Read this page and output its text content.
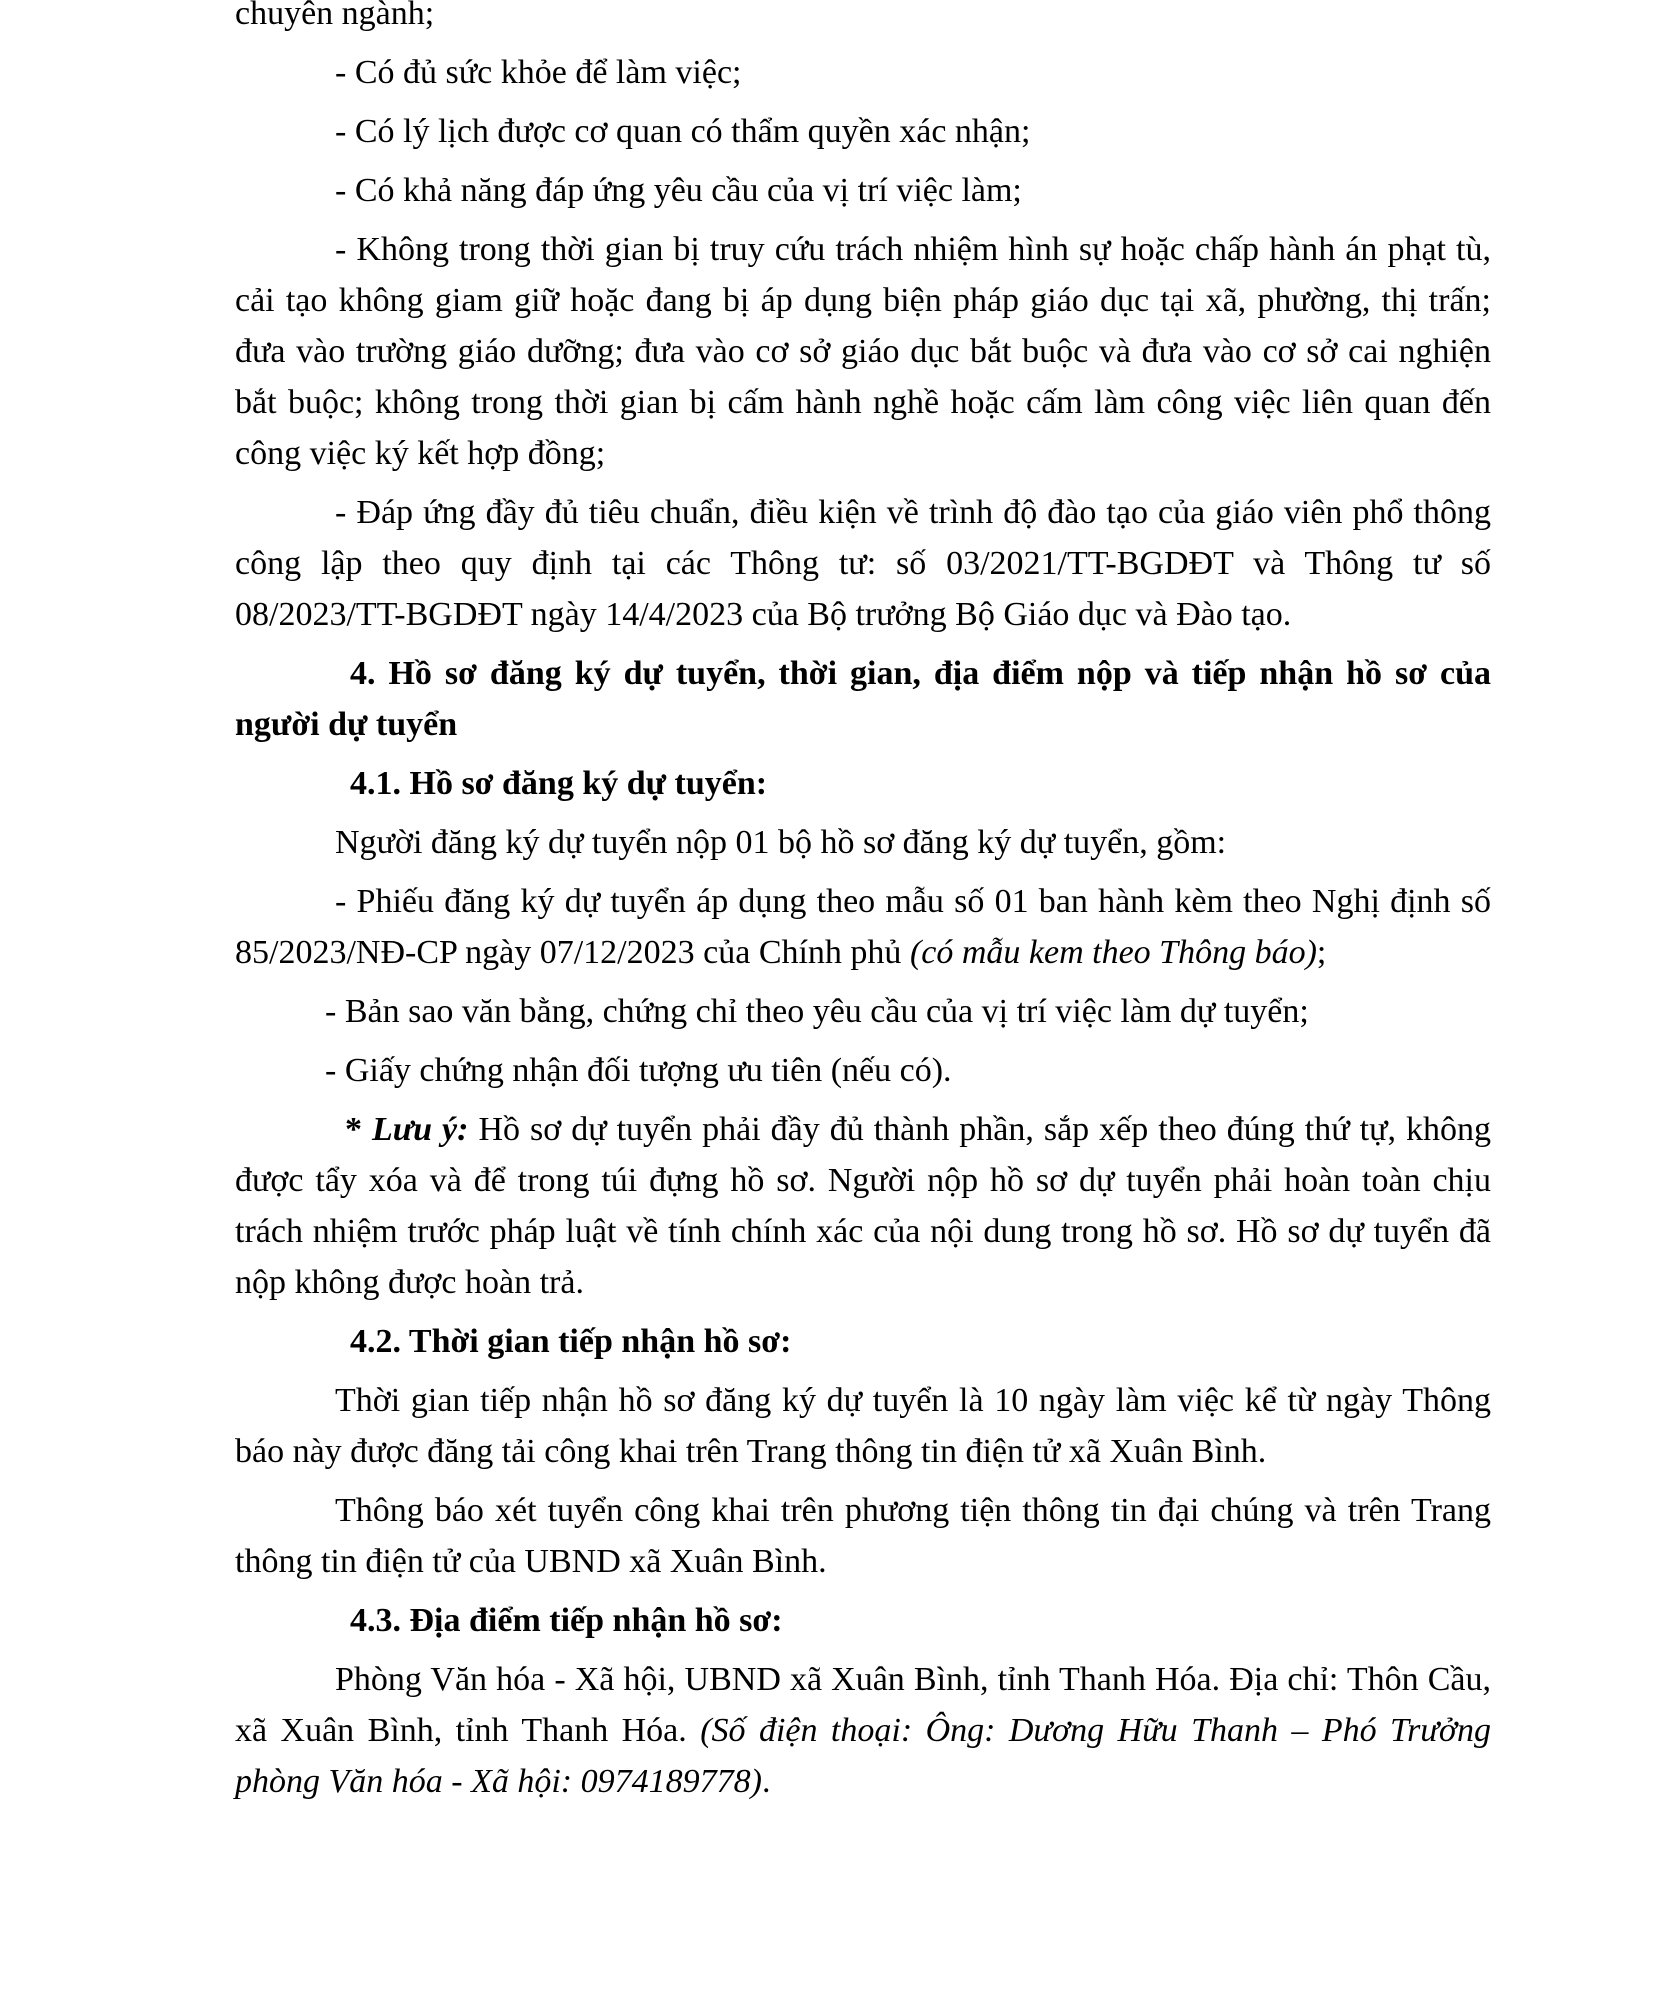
chuyên ngành;

- Có đủ sức khỏe để làm việc;

- Có lý lịch được cơ quan có thẩm quyền xác nhận;

- Có khả năng đáp ứng yêu cầu của vị trí việc làm;

- Không trong thời gian bị truy cứu trách nhiệm hình sự hoặc chấp hành án phạt tù, cải tạo không giam giữ hoặc đang bị áp dụng biện pháp giáo dục tại xã, phường, thị trấn; đưa vào trường giáo dưỡng; đưa vào cơ sở giáo dục bắt buộc và đưa vào cơ sở cai nghiện bắt buộc; không trong thời gian bị cấm hành nghề hoặc cấm làm công việc liên quan đến công việc ký kết hợp đồng;

- Đáp ứng đầy đủ tiêu chuẩn, điều kiện về trình độ đào tạo của giáo viên phổ thông công lập theo quy định tại các Thông tư: số 03/2021/TT-BGDĐT và Thông tư số 08/2023/TT-BGDĐT ngày 14/4/2023 của Bộ trưởng Bộ Giáo dục và Đào tạo.

4. Hồ sơ đăng ký dự tuyển, thời gian, địa điểm nộp và tiếp nhận hồ sơ của người dự tuyển

4.1. Hồ sơ đăng ký dự tuyển:

Người đăng ký dự tuyển nộp 01 bộ hồ sơ đăng ký dự tuyển, gồm:

- Phiếu đăng ký dự tuyển áp dụng theo mẫu số 01 ban hành kèm theo Nghị định số 85/2023/NĐ-CP ngày 07/12/2023 của Chính phủ (có mẫu kem theo Thông báo);

- Bản sao văn bằng, chứng chỉ theo yêu cầu của vị trí việc làm dự tuyển;

- Giấy chứng nhận đối tượng ưu tiên (nếu có).

* Lưu ý: Hồ sơ dự tuyển phải đầy đủ thành phần, sắp xếp theo đúng thứ tự, không được tẩy xóa và để trong túi đựng hồ sơ. Người nộp hồ sơ dự tuyển phải hoàn toàn chịu trách nhiệm trước pháp luật về tính chính xác của nội dung trong hồ sơ. Hồ sơ dự tuyển đã nộp không được hoàn trả.

4.2. Thời gian tiếp nhận hồ sơ:

Thời gian tiếp nhận hồ sơ đăng ký dự tuyển là 10 ngày làm việc kể từ ngày Thông báo này được đăng tải công khai trên Trang thông tin điện tử xã Xuân Bình.

Thông báo xét tuyển công khai trên phương tiện thông tin đại chúng và trên Trang thông tin điện tử của UBND xã Xuân Bình.

4.3. Địa điểm tiếp nhận hồ sơ:

Phòng Văn hóa - Xã hội, UBND xã Xuân Bình, tỉnh Thanh Hóa. Địa chỉ: Thôn Cầu, xã Xuân Bình, tỉnh Thanh Hóa. (Số điện thoại: Ông: Dương Hữu Thanh – Phó Trưởng phòng Văn hóa - Xã hội: 0974189778).
